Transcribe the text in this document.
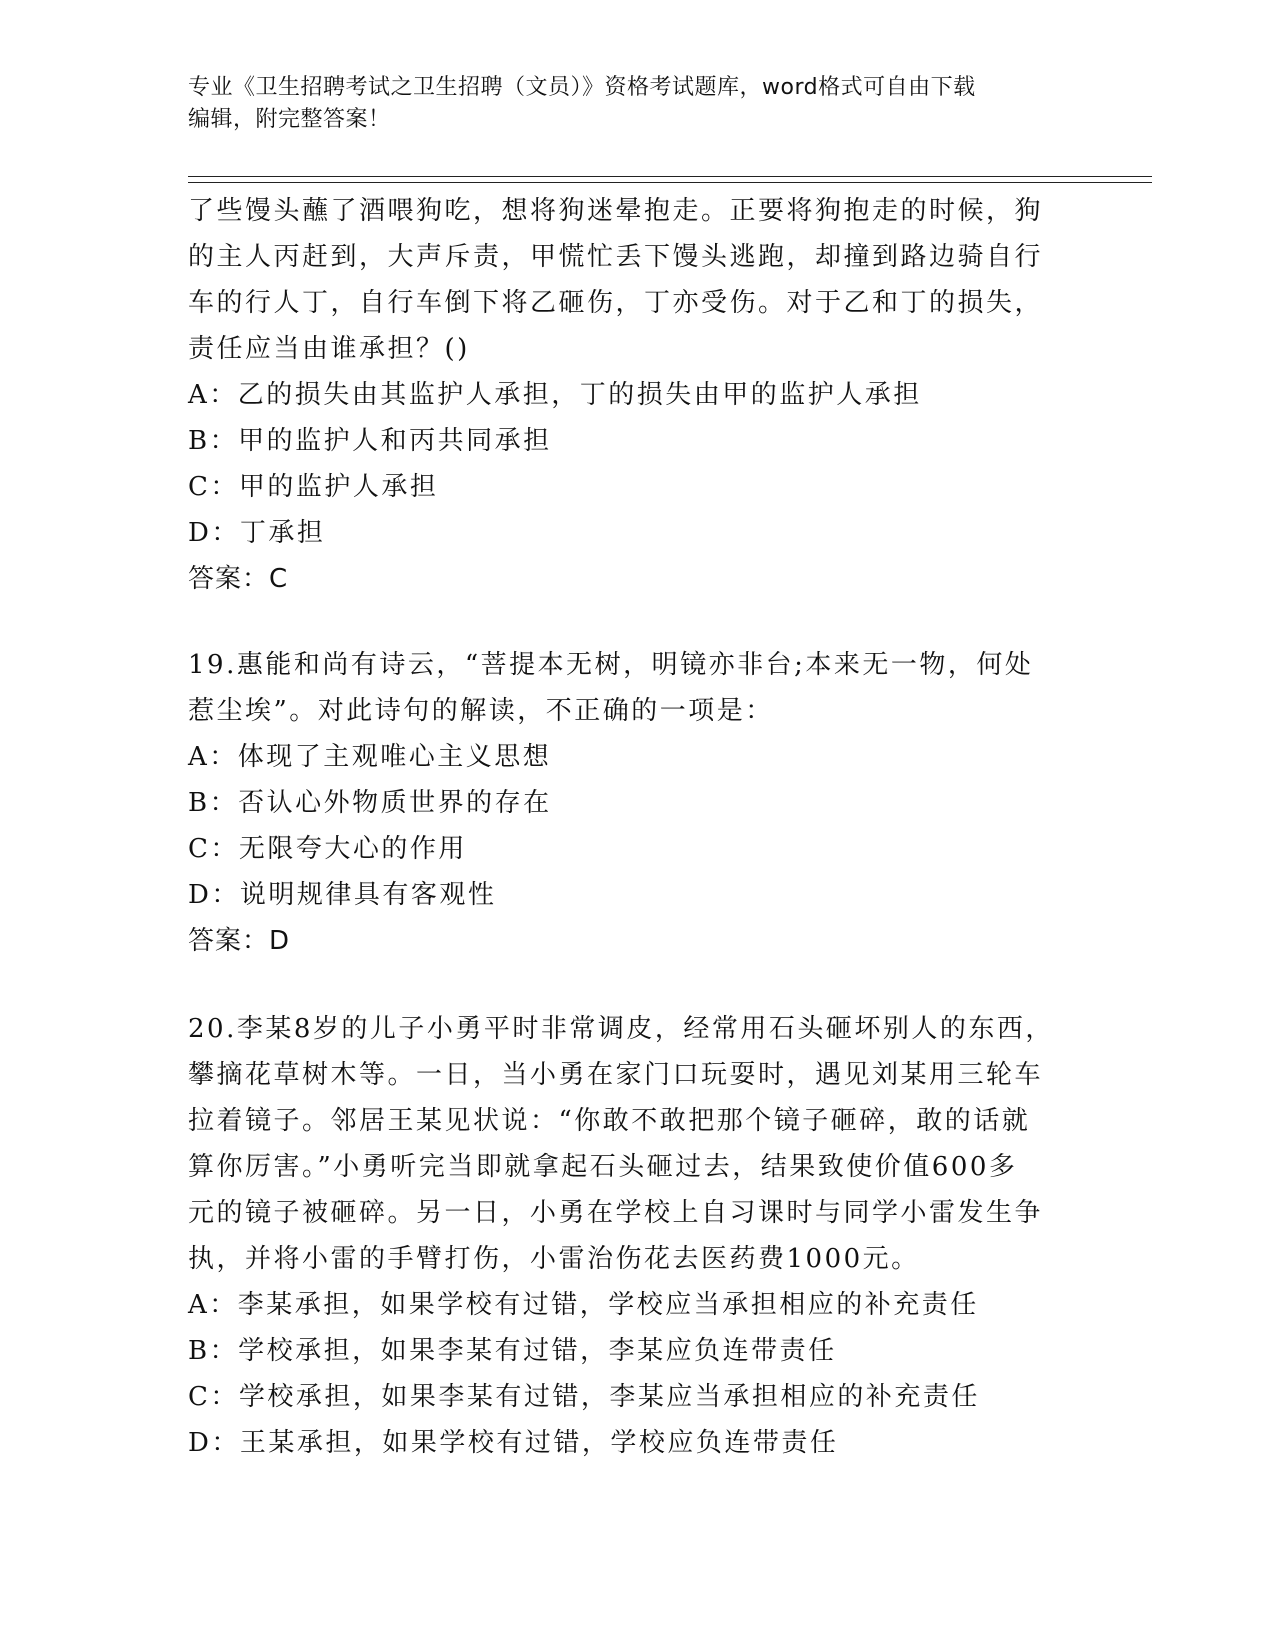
专业《卫生招聘考试之卫生招聘（文员）》资格考试题库，word格式可自由下载
编辑，附完整答案！
了些馒头蘸了酒喂狗吃，想将狗迷晕抱走。正要将狗抱走的时候，狗
的主人丙赶到，大声斥责，甲慌忙丢下馒头逃跑，却撞到路边骑自行
车的行人丁，自行车倒下将乙砸伤，丁亦受伤。对于乙和丁的损失，
责任应当由谁承担？()
A：乙的损失由其监护人承担，丁的损失由甲的监护人承担
B：甲的监护人和丙共同承担
C：甲的监护人承担
D：丁承担
答案：C
19.惠能和尚有诗云，“菩提本无树，明镜亦非台;本来无一物，何处
惹尘埃”。对此诗句的解读，不正确的一项是：
A：体现了主观唯心主义思想
B：否认心外物质世界的存在
C：无限夸大心的作用
D：说明规律具有客观性
答案：D
20.李某8岁的儿子小勇平时非常调皮，经常用石头砸坏别人的东西，
攀摘花草树木等。一日，当小勇在家门口玩耍时，遇见刘某用三轮车
拉着镜子。邻居王某见状说：“你敢不敢把那个镜子砸碎，敢的话就
算你厉害。”小勇听完当即就拿起石头砸过去，结果致使价值600多
元的镜子被砸碎。另一日，小勇在学校上自习课时与同学小雷发生争
执，并将小雷的手臂打伤，小雷治伤花去医药费1000元。
A：李某承担，如果学校有过错，学校应当承担相应的补充责任
B：学校承担，如果李某有过错，李某应负连带责任
C：学校承担，如果李某有过错，李某应当承担相应的补充责任
D：王某承担，如果学校有过错，学校应负连带责任
